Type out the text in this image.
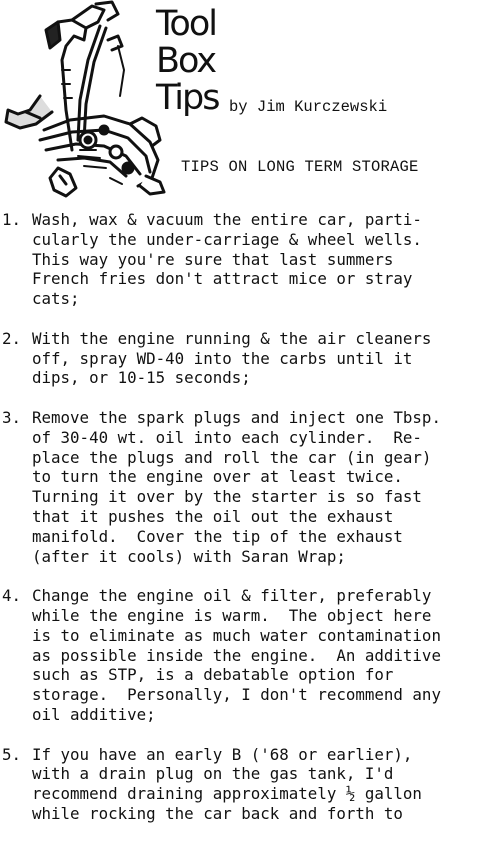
Tool
Box
Tips by Jim Kurczewski
TIPS ON LONG TERM STORAGE
1. Wash, wax & vacuum the entire car, parti-
cularly the under-carriage & wheel wells.
This way you're sure that last summers
French fries don't attract mice or stray
cats;
2. With the engine running & the air cleaners
off, spray WD-40 into the carbs until it
dips, or 10-15 seconds;
3. Remove the spark plugs and inject one Tbsp.
of 30-40 wt. oil into each cylinder.  Re-
place the plugs and roll the car (in gear)
to turn the engine over at least twice.
Turning it over by the starter is so fast
that it pushes the oil out the exhaust
manifold.  Cover the tip of the exhaust
(after it cools) with Saran Wrap;
4. Change the engine oil & filter, preferably
while the engine is warm.  The object here
is to eliminate as much water contamination
as possible inside the engine.  An additive
such as STP, is a debatable option for
storage.  Personally, I don't recommend any
oil additive;
5. If you have an early B ('68 or earlier),
with a drain plug on the gas tank, I'd
recommend draining approximately ½ gallon
while rocking the car back and forth to
